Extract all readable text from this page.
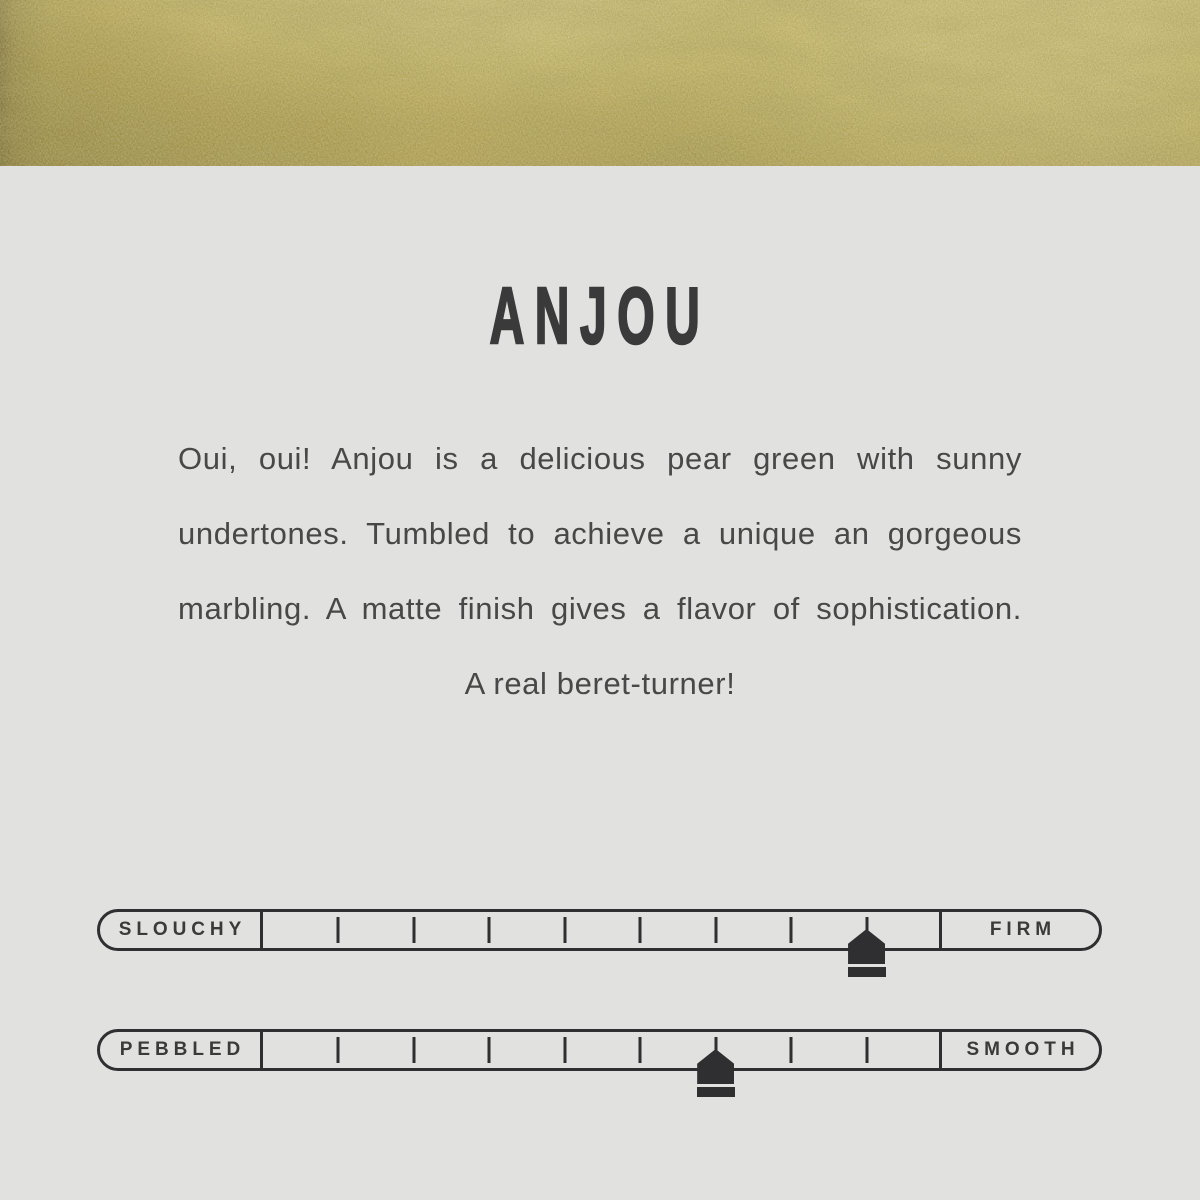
ANJOU
Oui, oui! Anjou is a delicious pear green with sunny
undertones. Tumbled to achieve a unique an gorgeous
marbling. A matte finish gives a flavor of sophistication.
A real beret-turner!
SLOUCHY	FIRM
PEBBLED	SMOOTH
